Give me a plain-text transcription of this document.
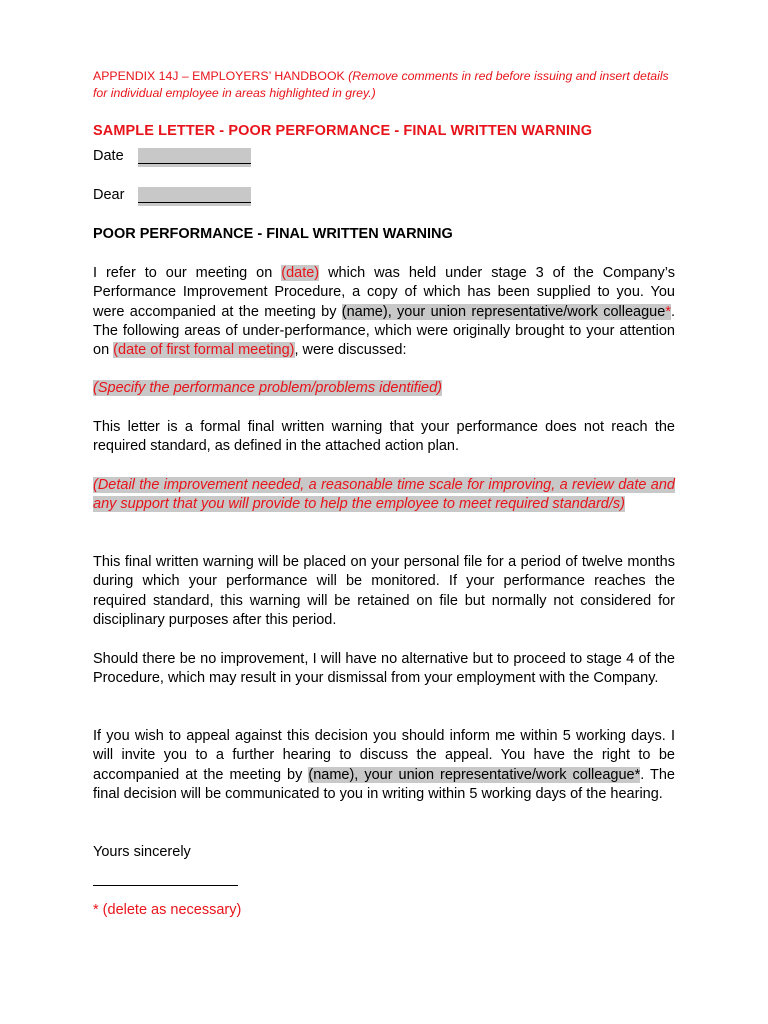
APPENDIX 14J – EMPLOYERS’ HANDBOOK (Remove comments in red before issuing and insert details for individual employee in areas highlighted in grey.)
SAMPLE LETTER - POOR PERFORMANCE - FINAL WRITTEN WARNING
Date
Dear
POOR PERFORMANCE - FINAL WRITTEN WARNING
I refer to our meeting on (date) which was held under stage 3 of the Company’s Performance Improvement Procedure, a copy of which has been supplied to you. You were accompanied at the meeting by (name), your union representative/work colleague*. The following areas of under-performance, which were originally brought to your attention on (date of first formal meeting), were discussed:
(Specify the performance problem/problems identified)
This letter is a formal final written warning that your performance does not reach the required standard, as defined in the attached action plan.
(Detail the improvement needed, a reasonable time scale for improving, a review date and any support that you will provide to help the employee to meet required standard/s)
This final written warning will be placed on your personal file for a period of twelve months during which your performance will be monitored. If your performance reaches the required standard, this warning will be retained on file but normally not considered for disciplinary purposes after this period.
Should there be no improvement, I will have no alternative but to proceed to stage 4 of the Procedure, which may result in your dismissal from your employment with the Company.
If you wish to appeal against this decision you should inform me within 5 working days. I will invite you to a further hearing to discuss the appeal. You have the right to be accompanied at the meeting by (name), your union representative/work colleague*. The final decision will be communicated to you in writing within 5 working days of the hearing.
Yours sincerely
* (delete as necessary)
